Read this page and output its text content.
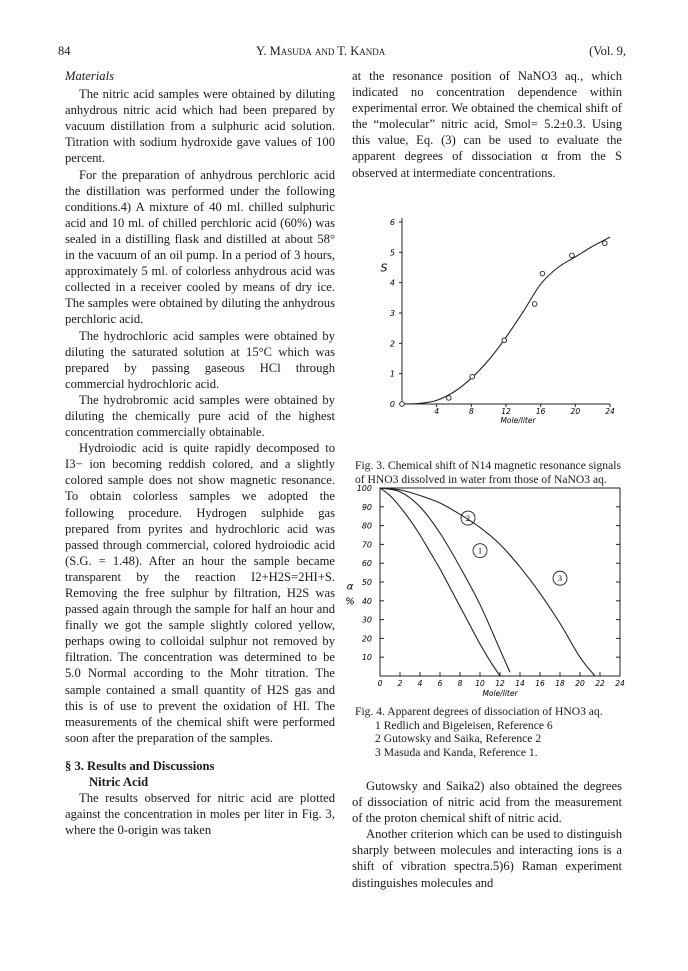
84	Y. Masuda and T. Kanda	(Vol. 9,
Materials

The nitric acid samples were obtained by diluting anhydrous nitric acid which had been prepared by vacuum distillation from a sulphuric acid solution. Titration with sodium hydroxide gave values of 100 percent.

For the preparation of anhydrous perchloric acid the distillation was performed under the following conditions.4) A mixture of 40 ml. chilled sulphuric acid and 10 ml. of chilled perchloric acid (60%) was sealed in a distilling flask and distilled at about 58° in the vacuum of an oil pump. In a period of 3 hours, approximately 5 ml. of colorless anhydrous acid was collected in a receiver cooled by means of dry ice. The samples were obtained by diluting the anhydrous perchloric acid.

The hydrochloric acid samples were obtained by diluting the saturated solution at 15°C which was prepared by passing gaseous HCl through commercial hydrochloric acid.

The hydrobromic acid samples were obtained by diluting the chemically pure acid of the highest concentration commercially obtainable.

Hydroiodic acid is quite rapidly decomposed to I3− ion becoming reddish colored, and a slightly colored sample does not show magnetic resonance. To obtain colorless samples we adopted the following procedure. Hydrogen sulphide gas prepared from pyrites and hydrochloric acid was passed through commercial, colored hydroiodic acid (S.G. = 1.48). After an hour the sample became transparent by the reaction I2+H2S=2HI+S. Removing the free sulphur by filtration, H2S was passed again through the sample for half an hour and finally we got the sample slightly colored yellow, perhaps owing to colloidal sulphur not removed by filtration. The concentration was determined to be 5.0 Normal according to the Mohr titration. The sample contained a small quantity of H2S gas and this is of use to prevent the oxidation of HI. The measurements of the chemical shift were performed soon after the preparation of the samples.

§ 3. Results and Discussions
Nitric Acid

The results observed for nitric acid are plotted against the concentration in moles per liter in Fig. 3, where the 0-origin was taken

at the resonance position of NaNO3 aq., which indicated no concentration dependence within experimental error. We obtained the chemical shift of the “molecular” nitric acid, Smol= 5.2±0.3. Using this value, Eq. (3) can be used to evaluate the apparent degrees of dissociation α from the S observed at intermediate concentrations.

0
1
2
3
4
5
6
4	8	12	16	20	24
S
Mole/liter
Fig. 3. Chemical shift of N14 magnetic resonance signals of HNO3 dissolved in water from those of NaNO3 aq.
10
20
30
40
50
60
70
80
90
100
0 2 4 6 8 10 12 14 16 18 20 22 24
α %
Mole/liter
1
2
3
Fig. 4. Apparent degrees of dissociation of HNO3 aq.
1 Redlich and Bigeleisen, Reference 6
2 Gutowsky and Saika, Reference 2
3 Masuda and Kanda, Reference 1.

Gutowsky and Saika2) also obtained the degrees of dissociation of nitric acid from the measurement of the proton chemical shift of nitric acid.

Another criterion which can be used to distinguish sharply between molecules and interacting ions is a shift of vibration spectra.5)6) Raman experiment distinguishes molecules and
